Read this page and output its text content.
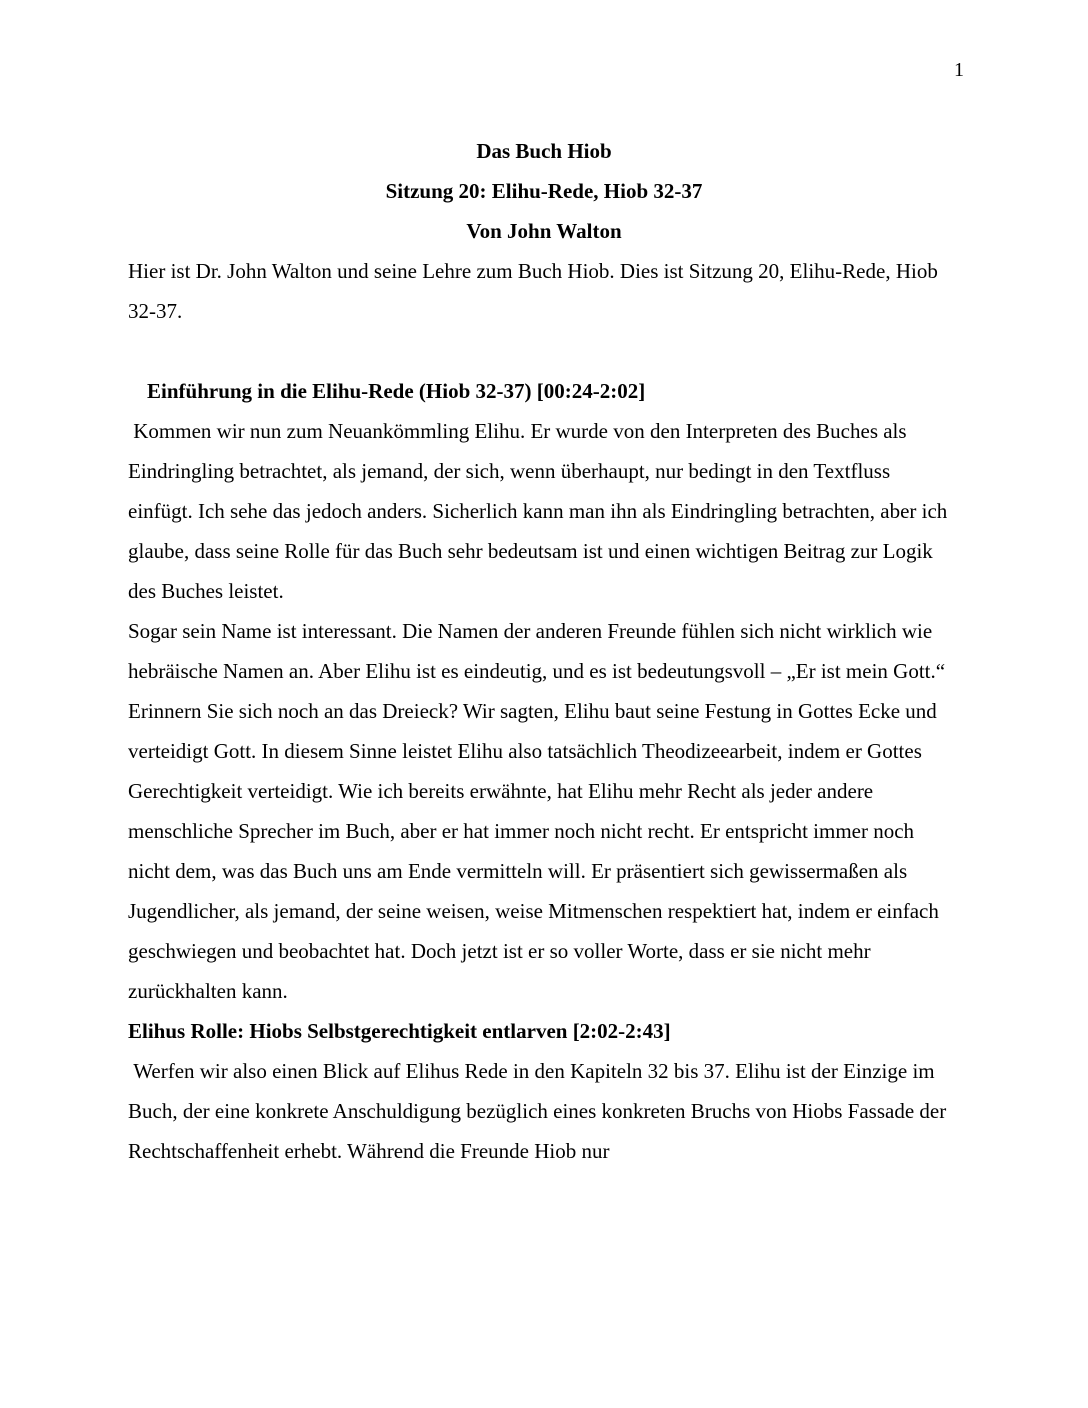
1
Das Buch Hiob
Sitzung 20: Elihu-Rede, Hiob 32-37
Von John Walton

Hier ist Dr. John Walton und seine Lehre zum Buch Hiob. Dies ist Sitzung 20, Elihu-Rede, Hiob 32-37.

Einführung in die Elihu-Rede (Hiob 32-37) [00:24-2:02]

Kommen wir nun zum Neuankömmling Elihu. Er wurde von den Interpreten des Buches als Eindringling betrachtet, als jemand, der sich, wenn überhaupt, nur bedingt in den Textfluss einfügt. Ich sehe das jedoch anders. Sicherlich kann man ihn als Eindringling betrachten, aber ich glaube, dass seine Rolle für das Buch sehr bedeutsam ist und einen wichtigen Beitrag zur Logik des Buches leistet.

Sogar sein Name ist interessant. Die Namen der anderen Freunde fühlen sich nicht wirklich wie hebräische Namen an. Aber Elihu ist es eindeutig, und es ist bedeutungsvoll – „Er ist mein Gott.“

Erinnern Sie sich noch an das Dreieck? Wir sagten, Elihu baut seine Festung in Gottes Ecke und verteidigt Gott. In diesem Sinne leistet Elihu also tatsächlich Theodizeearbeit, indem er Gottes Gerechtigkeit verteidigt. Wie ich bereits erwähnte, hat Elihu mehr Recht als jeder andere menschliche Sprecher im Buch, aber er hat immer noch nicht recht. Er entspricht immer noch nicht dem, was das Buch uns am Ende vermitteln will. Er präsentiert sich gewissermaßen als Jugendlicher, als jemand, der seine weisen, weise Mitmenschen respektiert hat, indem er einfach geschwiegen und beobachtet hat. Doch jetzt ist er so voller Worte, dass er sie nicht mehr zurückhalten kann.

Elihus Rolle: Hiobs Selbstgerechtigkeit entlarven [2:02-2:43]

Werfen wir also einen Blick auf Elihus Rede in den Kapiteln 32 bis 37. Elihu ist der Einzige im Buch, der eine konkrete Anschuldigung bezüglich eines konkreten Bruchs von Hiobs Fassade der Rechtschaffenheit erhebt. Während die Freunde Hiob nur
